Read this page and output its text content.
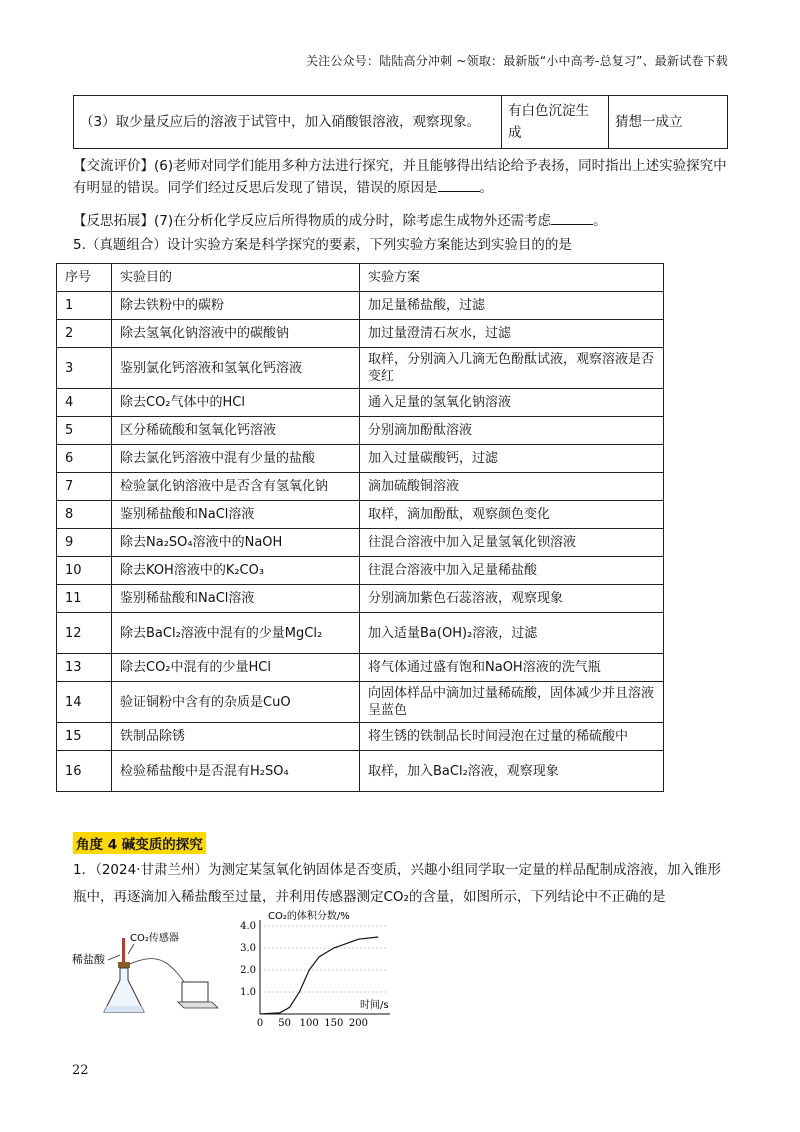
关注公众号：陆陆高分冲刺 ~领取：最新版“小中高考-总复习”、最新试卷下载
（3）取少量反应后的溶液于试管中，加入硝酸银溶液，观察现象。	有白色沉淀生成	猜想一成立
【交流评价】(6)老师对同学们能用多种方法进行探究，并且能够得出结论给予表扬，同时指出上述实验探究中有明显的错误。同学们经过反思后发现了错误，错误的原因是	。
【反思拓展】(7)在分析化学反应后所得物质的成分时，除考虑生成物外还需考虑	。
5.（真题组合）设计实验方案是科学探究的要素，下列实验方案能达到实验目的的是
序号	实验目的	实验方案
1	除去铁粉中的碳粉	加足量稀盐酸，过滤
2	除去氢氧化钠溶液中的碳酸钠	加过量澄清石灰水，过滤
3	鉴别氯化钙溶液和氢氧化钙溶液	取样，分别滴入几滴无色酚酞试液，观察溶液是否变红
4	除去CO₂气体中的HCl	通入足量的氢氧化钠溶液
5	区分稀硫酸和氢氧化钙溶液	分别滴加酚酞溶液
6	除去氯化钙溶液中混有少量的盐酸	加入过量碳酸钙，过滤
7	检验氯化钠溶液中是否含有氢氧化钠	滴加硫酸铜溶液
8	鉴别稀盐酸和NaCl溶液	取样，滴加酚酞，观察颜色变化
9	除去Na₂SO₄溶液中的NaOH	往混合溶液中加入足量氢氧化钡溶液
10	除去KOH溶液中的K₂CO₃	往混合溶液中加入足量稀盐酸
11	鉴别稀盐酸和NaCl溶液	分别滴加紫色石蕊溶液，观察现象
12	除去BaCl₂溶液中混有的少量MgCl₂	加入适量Ba(OH)₂溶液，过滤
13	除去CO₂中混有的少量HCl	将气体通过盛有饱和NaOH溶液的洗气瓶
14	验证铜粉中含有的杂质是CuO	向固体样品中滴加过量稀硫酸，固体减少并且溶液呈蓝色
15	铁制品除锈	将生锈的铁制品长时间浸泡在过量的稀硫酸中
16	检验稀盐酸中是否混有H₂SO₄	取样，加入BaCl₂溶液，观察现象
角度 4 碱变质的探究
1．（2024·甘肃兰州）为测定某氢氧化钠固体是否变质，兴趣小组同学取一定量的样品配制成溶液，加入锥形瓶中，再逐滴加入稀盐酸至过量，并利用传感器测定CO₂的含量，如图所示，下列结论中不正确的是
稀盐酸
CO₂传感器
CO₂的体积分数/%
时间/s
1.0
2.0
3.0
4.0
0 50 100 150 200
22
